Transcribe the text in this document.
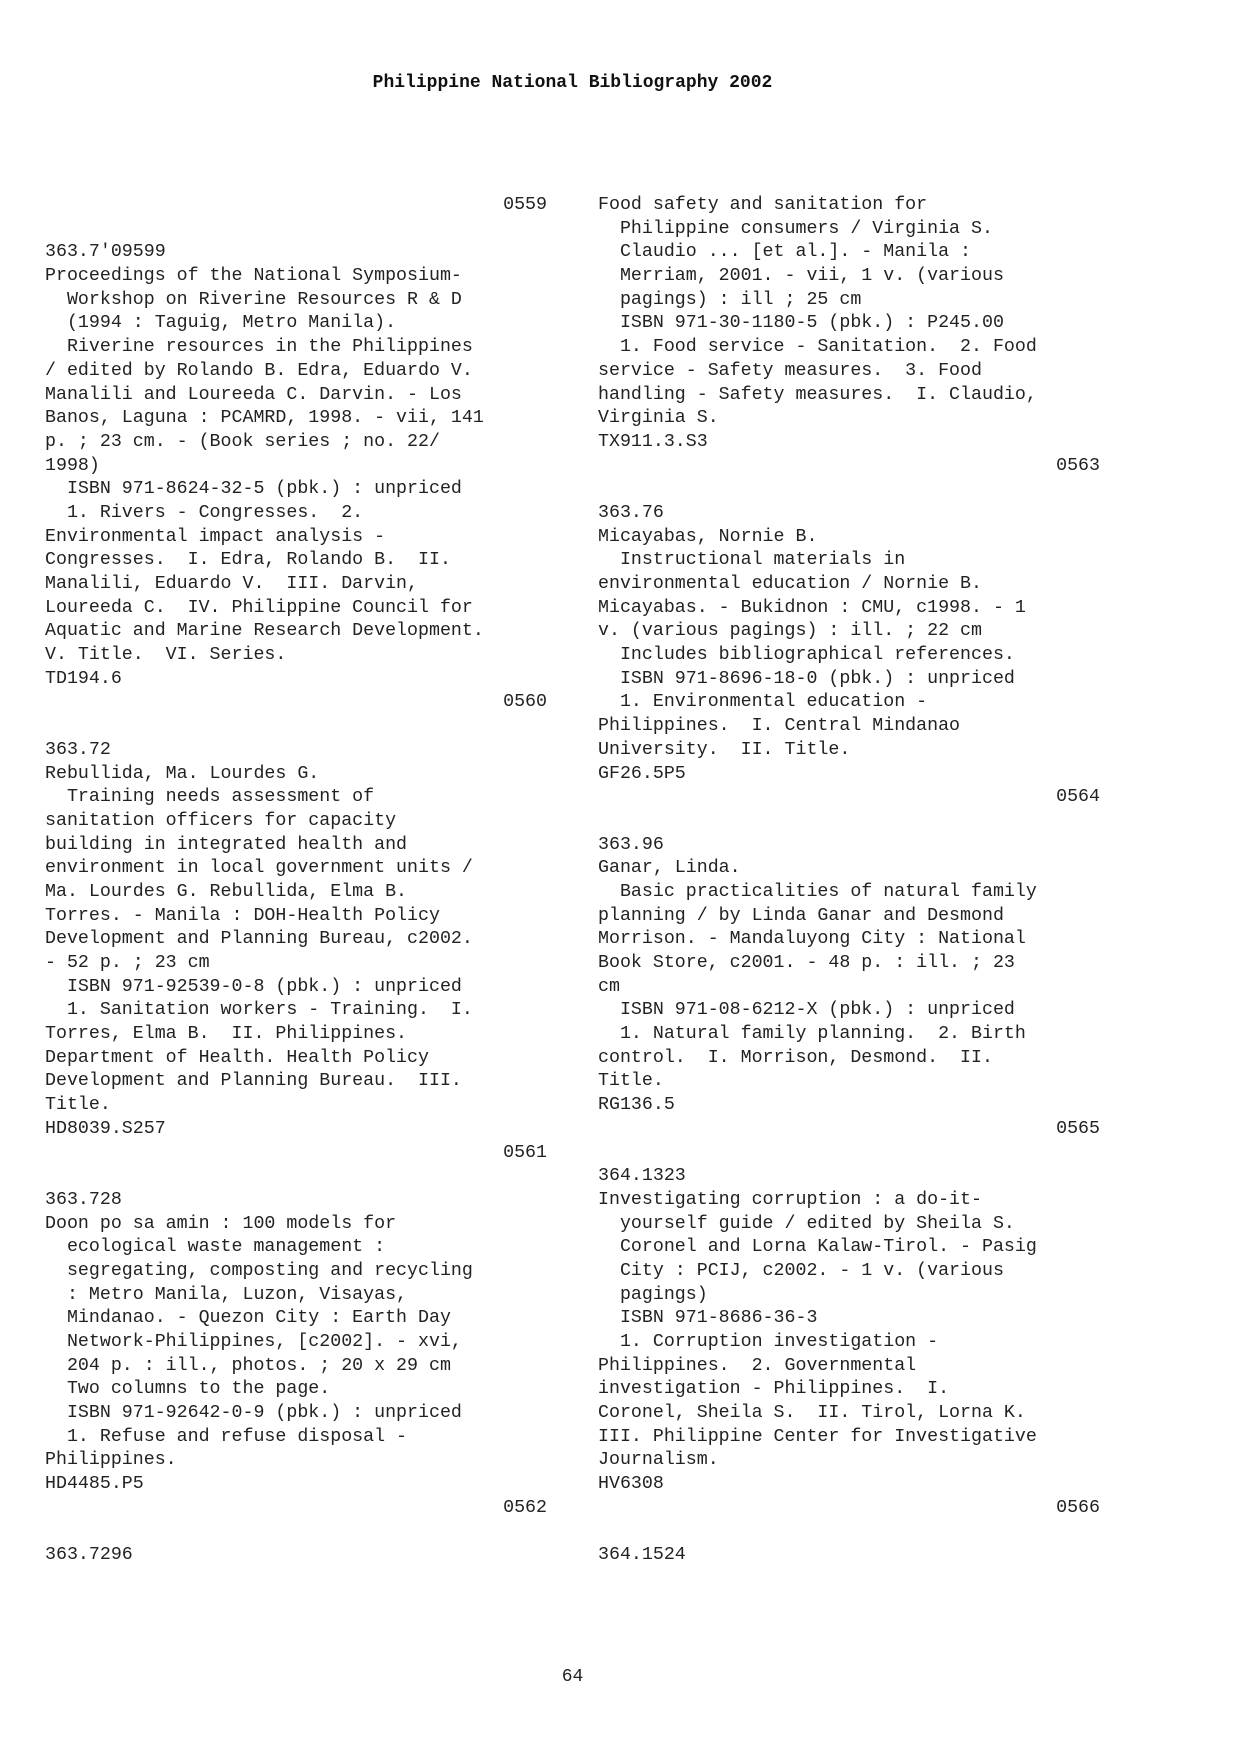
Philippine National Bibliography 2002
0559
363.7'09599
Proceedings of the National Symposium-
Workshop on Riverine Resources R & D
(1994 : Taguig, Metro Manila).
Riverine resources in the Philippines
/ edited by Rolando B. Edra, Eduardo V.
Manalili and Loureeda C. Darvin. - Los
Banos, Laguna : PCAMRD, 1998. - vii, 141
p. ; 23 cm. - (Book series ; no. 22/
1998)
ISBN 971-8624-32-5 (pbk.) : unpriced
1. Rivers - Congresses.  2.
Environmental impact analysis -
Congresses.  I. Edra, Rolando B.  II.
Manalili, Eduardo V.  III. Darvin,
Loureeda C.  IV. Philippine Council for
Aquatic and Marine Research Development.
V. Title.  VI. Series.
TD194.6
0560
363.72
Rebullida, Ma. Lourdes G.
Training needs assessment of
sanitation officers for capacity
building in integrated health and
environment in local government units /
Ma. Lourdes G. Rebullida, Elma B.
Torres. - Manila : DOH-Health Policy
Development and Planning Bureau, c2002.
- 52 p. ; 23 cm
ISBN 971-92539-0-8 (pbk.) : unpriced
1. Sanitation workers - Training.  I.
Torres, Elma B.  II. Philippines.
Department of Health. Health Policy
Development and Planning Bureau.  III.
Title.
HD8039.S257
0561
363.728
Doon po sa amin : 100 models for
ecological waste management :
segregating, composting and recycling
: Metro Manila, Luzon, Visayas,
Mindanao. - Quezon City : Earth Day
Network-Philippines, [c2002]. - xvi,
204 p. : ill., photos. ; 20 x 29 cm
Two columns to the page.
ISBN 971-92642-0-9 (pbk.) : unpriced
1. Refuse and refuse disposal -
Philippines.
HD4485.P5
0562
363.7296
Food safety and sanitation for
Philippine consumers / Virginia S.
Claudio ... [et al.]. - Manila :
Merriam, 2001. - vii, 1 v. (various
pagings) : ill ; 25 cm
ISBN 971-30-1180-5 (pbk.) : P245.00
1. Food service - Sanitation.  2. Food
service - Safety measures.  3. Food
handling - Safety measures.  I. Claudio,
Virginia S.
TX911.3.S3
0563
363.76
Micayabas, Nornie B.
Instructional materials in
environmental education / Nornie B.
Micayabas. - Bukidnon : CMU, c1998. - 1
v. (various pagings) : ill. ; 22 cm
Includes bibliographical references.
ISBN 971-8696-18-0 (pbk.) : unpriced
1. Environmental education -
Philippines.  I. Central Mindanao
University.  II. Title.
GF26.5P5
0564
363.96
Ganar, Linda.
Basic practicalities of natural family
planning / by Linda Ganar and Desmond
Morrison. - Mandaluyong City : National
Book Store, c2001. - 48 p. : ill. ; 23
cm
ISBN 971-08-6212-X (pbk.) : unpriced
1. Natural family planning.  2. Birth
control.  I. Morrison, Desmond.  II.
Title.
RG136.5
0565
364.1323
Investigating corruption : a do-it-
yourself guide / edited by Sheila S.
Coronel and Lorna Kalaw-Tirol. - Pasig
City : PCIJ, c2002. - 1 v. (various
pagings)
ISBN 971-8686-36-3
1. Corruption investigation -
Philippines.  2. Governmental
investigation - Philippines.  I.
Coronel, Sheila S.  II. Tirol, Lorna K.
III. Philippine Center for Investigative
Journalism.
HV6308
0566
364.1524
64
